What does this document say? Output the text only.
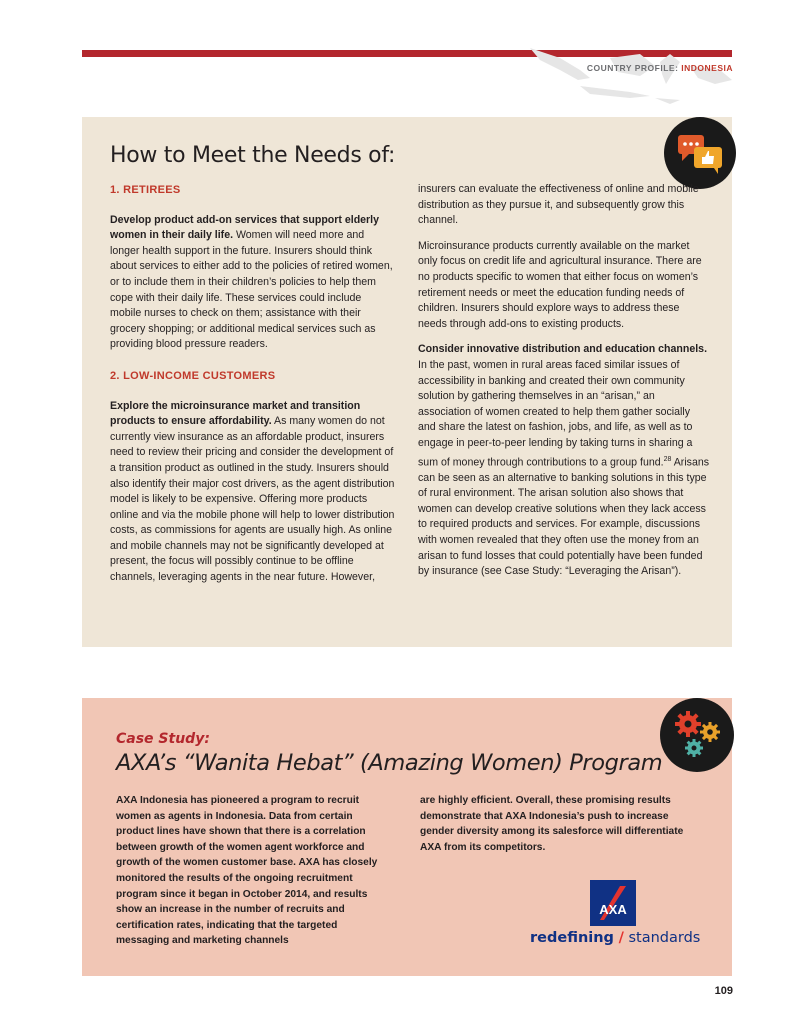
COUNTRY PROFILE: INDONESIA
How to Meet the Needs of:
1. RETIREES

Develop product add-on services that support elderly women in their daily life. Women will need more and longer health support in the future. Insurers should think about services to either add to the policies of retired women, or to include them in their children’s policies to help them cope with their daily life. These services could include mobile nurses to check on them; assistance with their grocery shopping; or additional medical services such as providing blood pressure readers.

2. LOW-INCOME CUSTOMERS

Explore the microinsurance market and transition products to ensure affordability. As many women do not currently view insurance as an affordable product, insurers need to review their pricing and consider the development of a transition product as outlined in the study. Insurers should also identify their major cost drivers, as the agent distribution model is likely to be expensive. Offering more products online and via the mobile phone will help to lower distribution costs, as commissions for agents are usually high. As online and mobile channels may not be significantly developed at present, the focus will possibly continue to be offline channels, leveraging agents in the near future. However,

insurers can evaluate the effectiveness of online and mobile distribution as they pursue it, and subsequently grow this channel.

Microinsurance products currently available on the market only focus on credit life and agricultural insurance. There are no products specific to women that either focus on women’s retirement needs or meet the education funding needs of children. Insurers should explore ways to address these needs through add-ons to existing products.

Consider innovative distribution and education channels. In the past, women in rural areas faced similar issues of accessibility in banking and created their own community solution by gathering themselves in an “arisan,” an association of women created to help them gather socially and share the latest on fashion, jobs, and life, as well as to engage in peer-to-peer lending by taking turns in sharing a sum of money through contributions to a group fund.$^{28}$ Arisans can be seen as an alternative to banking solutions in this type of rural environment. The arisan solution also shows that women can develop creative solutions when they lack access to required products and services. For example, discussions with women revealed that they often use the money from an arisan to fund losses that could potentially have been funded by insurance (see Case Study: “Leveraging the Arisan”).

Case Study:
AXA’s “Wanita Hebat” (Amazing Women) Program
AXA Indonesia has pioneered a program to recruit women as agents in Indonesia. Data from certain product lines have shown that there is a correlation between growth of the women agent workforce and growth of the women customer base. AXA has closely monitored the results of the ongoing recruitment program since it began in October 2014, and results show an increase in the number of recruits and certification rates, indicating that the targeted messaging and marketing channels
are highly efficient. Overall, these promising results demonstrate that AXA Indonesia’s push to increase gender diversity among its salesforce will differentiate AXA from its competitors.
AXA
redefining / standards
109
